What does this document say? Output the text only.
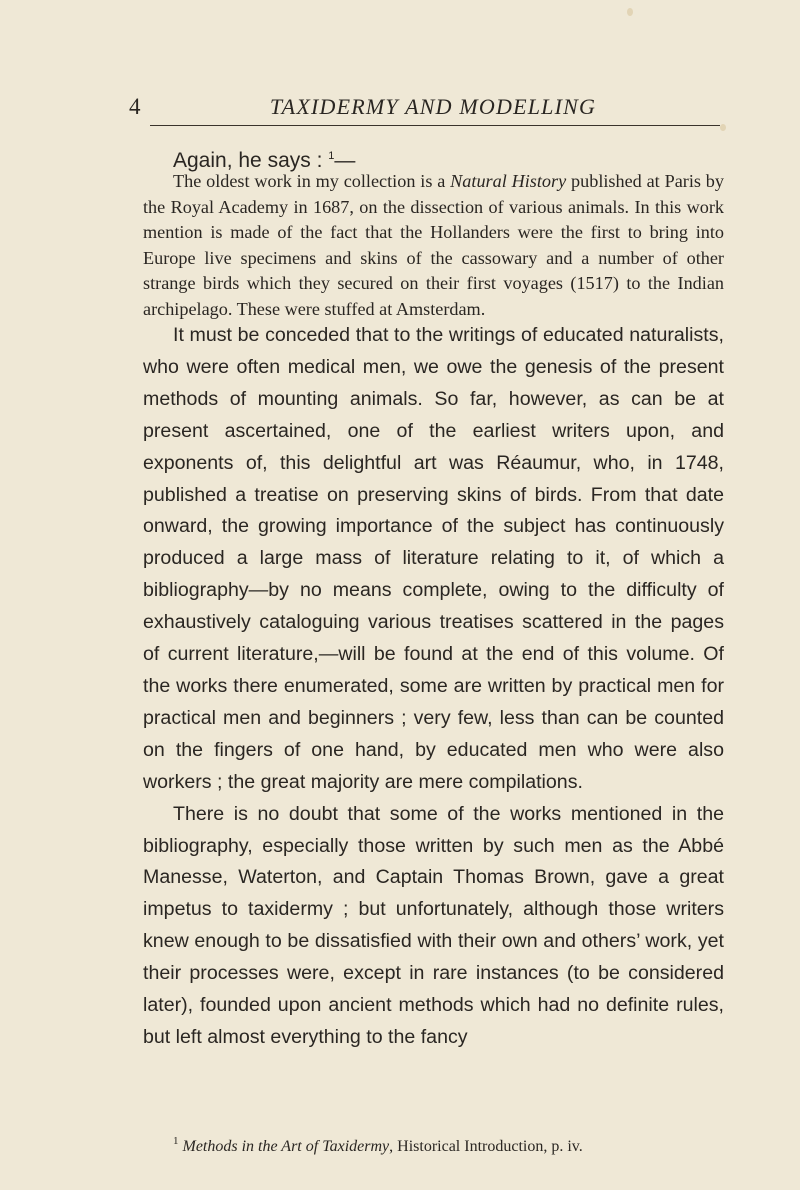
4	TAXIDERMY AND MODELLING
Again, he says : $^1$—
The oldest work in my collection is a Natural History published at Paris by the Royal Academy in 1687, on the dissection of various animals. In this work mention is made of the fact that the Hollanders were the first to bring into Europe live specimens and skins of the cassowary and a number of other strange birds which they secured on their first voyages (1517) to the Indian archipelago. These were stuffed at Amsterdam.

It must be conceded that to the writings of educated naturalists, who were often medical men, we owe the genesis of the present methods of mounting animals. So far, however, as can be at present ascertained, one of the earliest writers upon, and exponents of, this delightful art was Réaumur, who, in 1748, published a treatise on preserving skins of birds. From that date onward, the growing importance of the subject has continuously produced a large mass of literature relating to it, of which a bibliography—by no means complete, owing to the difficulty of exhaustively cataloguing various treatises scattered in the pages of current literature,—will be found at the end of this volume. Of the works there enumerated, some are written by practical men for practical men and beginners ; very few, less than can be counted on the fingers of one hand, by educated men who were also workers ; the great majority are mere compilations.

There is no doubt that some of the works mentioned in the bibliography, especially those written by such men as the Abbé Manesse, Waterton, and Captain Thomas Brown, gave a great impetus to taxidermy ; but unfortunately, although those writers knew enough to be dissatisfied with their own and others’ work, yet their processes were, except in rare instances (to be considered later), founded upon ancient methods which had no definite rules, but left almost everything to the fancy

$^1$ Methods in the Art of Taxidermy, Historical Introduction, p. iv.
